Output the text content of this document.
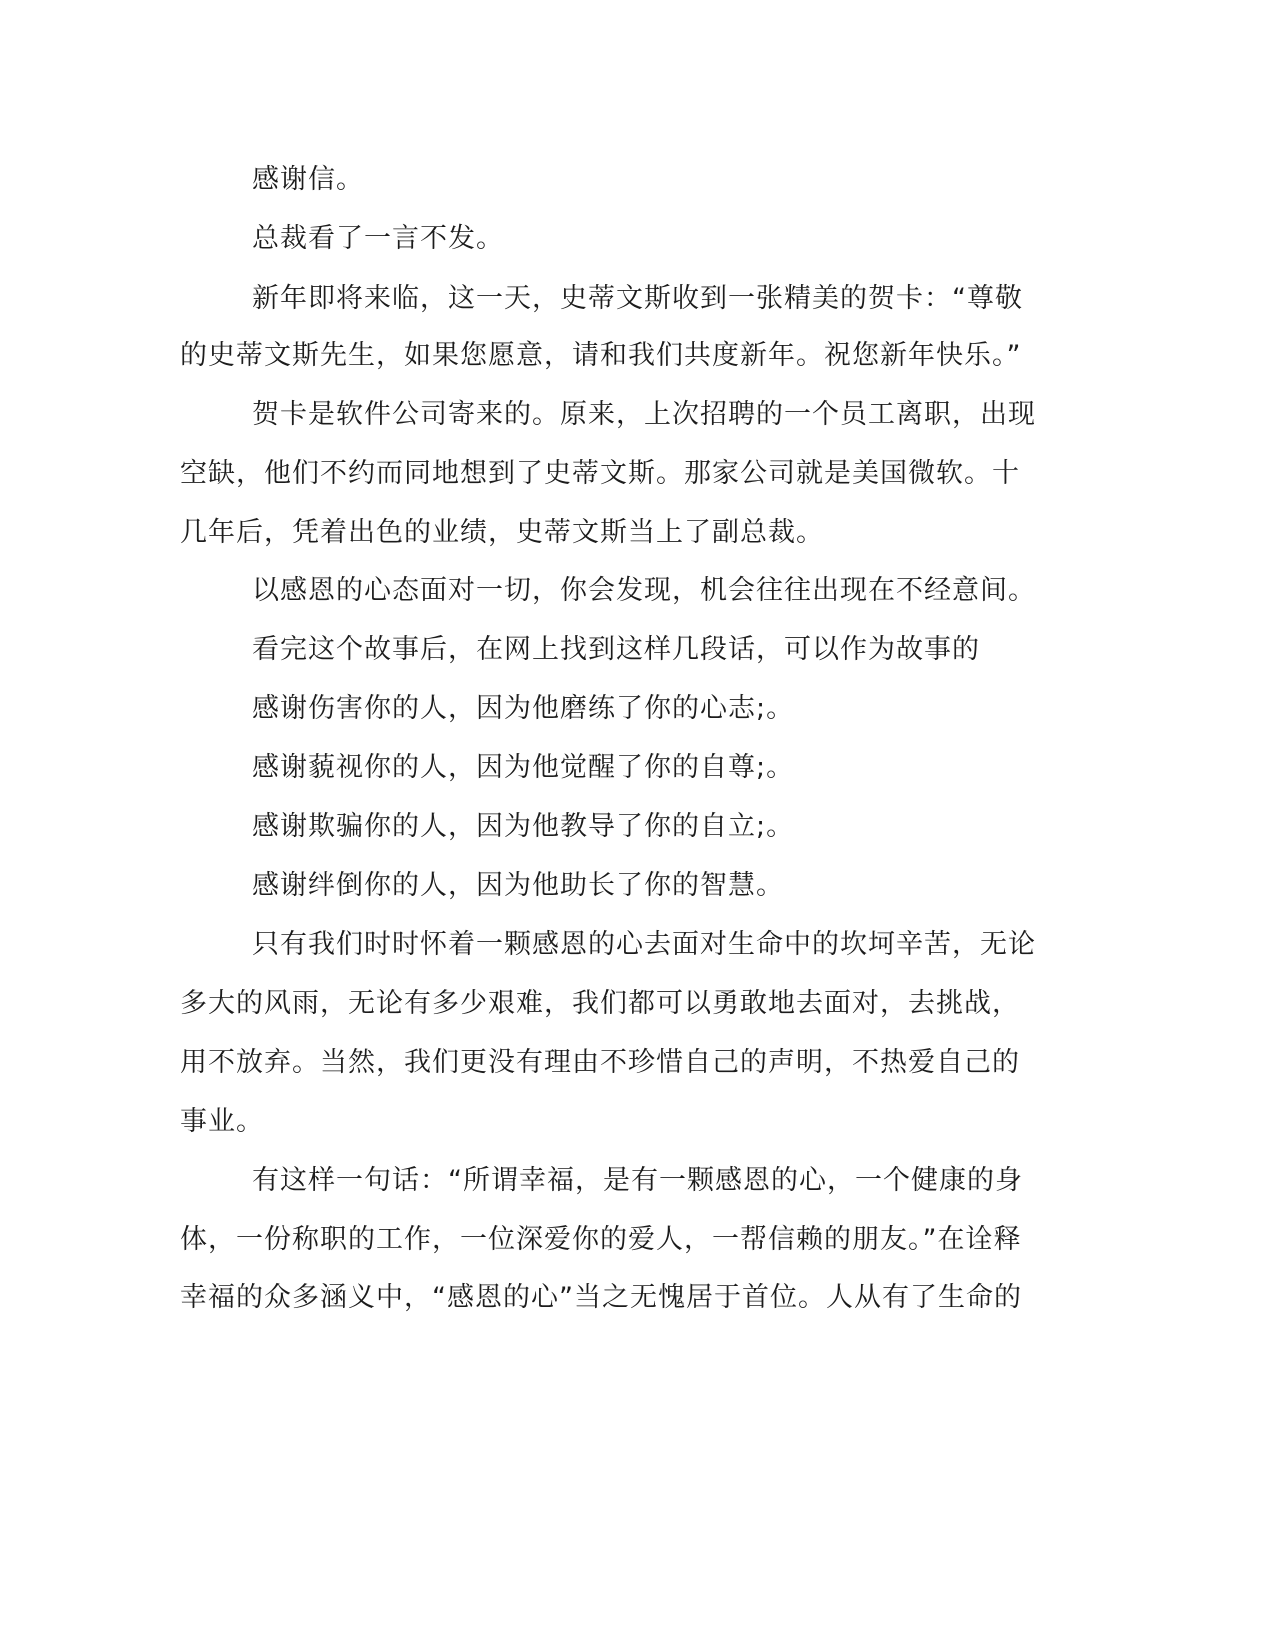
感谢信。
总裁看了一言不发。
新年即将来临，这一天，史蒂文斯收到一张精美的贺卡：“尊敬
的史蒂文斯先生，如果您愿意，请和我们共度新年。祝您新年快乐。”
贺卡是软件公司寄来的。原来，上次招聘的一个员工离职，出现
空缺，他们不约而同地想到了史蒂文斯。那家公司就是美国微软。十
几年后，凭着出色的业绩，史蒂文斯当上了副总裁。
以感恩的心态面对一切，你会发现，机会往往出现在不经意间。
看完这个故事后，在网上找到这样几段话，可以作为故事的
感谢伤害你的人，因为他磨练了你的心志;。
感谢藐视你的人，因为他觉醒了你的自尊;。
感谢欺骗你的人，因为他教导了你的自立;。
感谢绊倒你的人，因为他助长了你的智慧。
只有我们时时怀着一颗感恩的心去面对生命中的坎坷辛苦，无论
多大的风雨，无论有多少艰难，我们都可以勇敢地去面对，去挑战，
用不放弃。当然，我们更没有理由不珍惜自己的声明，不热爱自己的
事业。
有这样一句话：“所谓幸福，是有一颗感恩的心，一个健康的身
体，一份称职的工作，一位深爱你的爱人，一帮信赖的朋友。”在诠释
幸福的众多涵义中，“感恩的心”当之无愧居于首位。人从有了生命的
